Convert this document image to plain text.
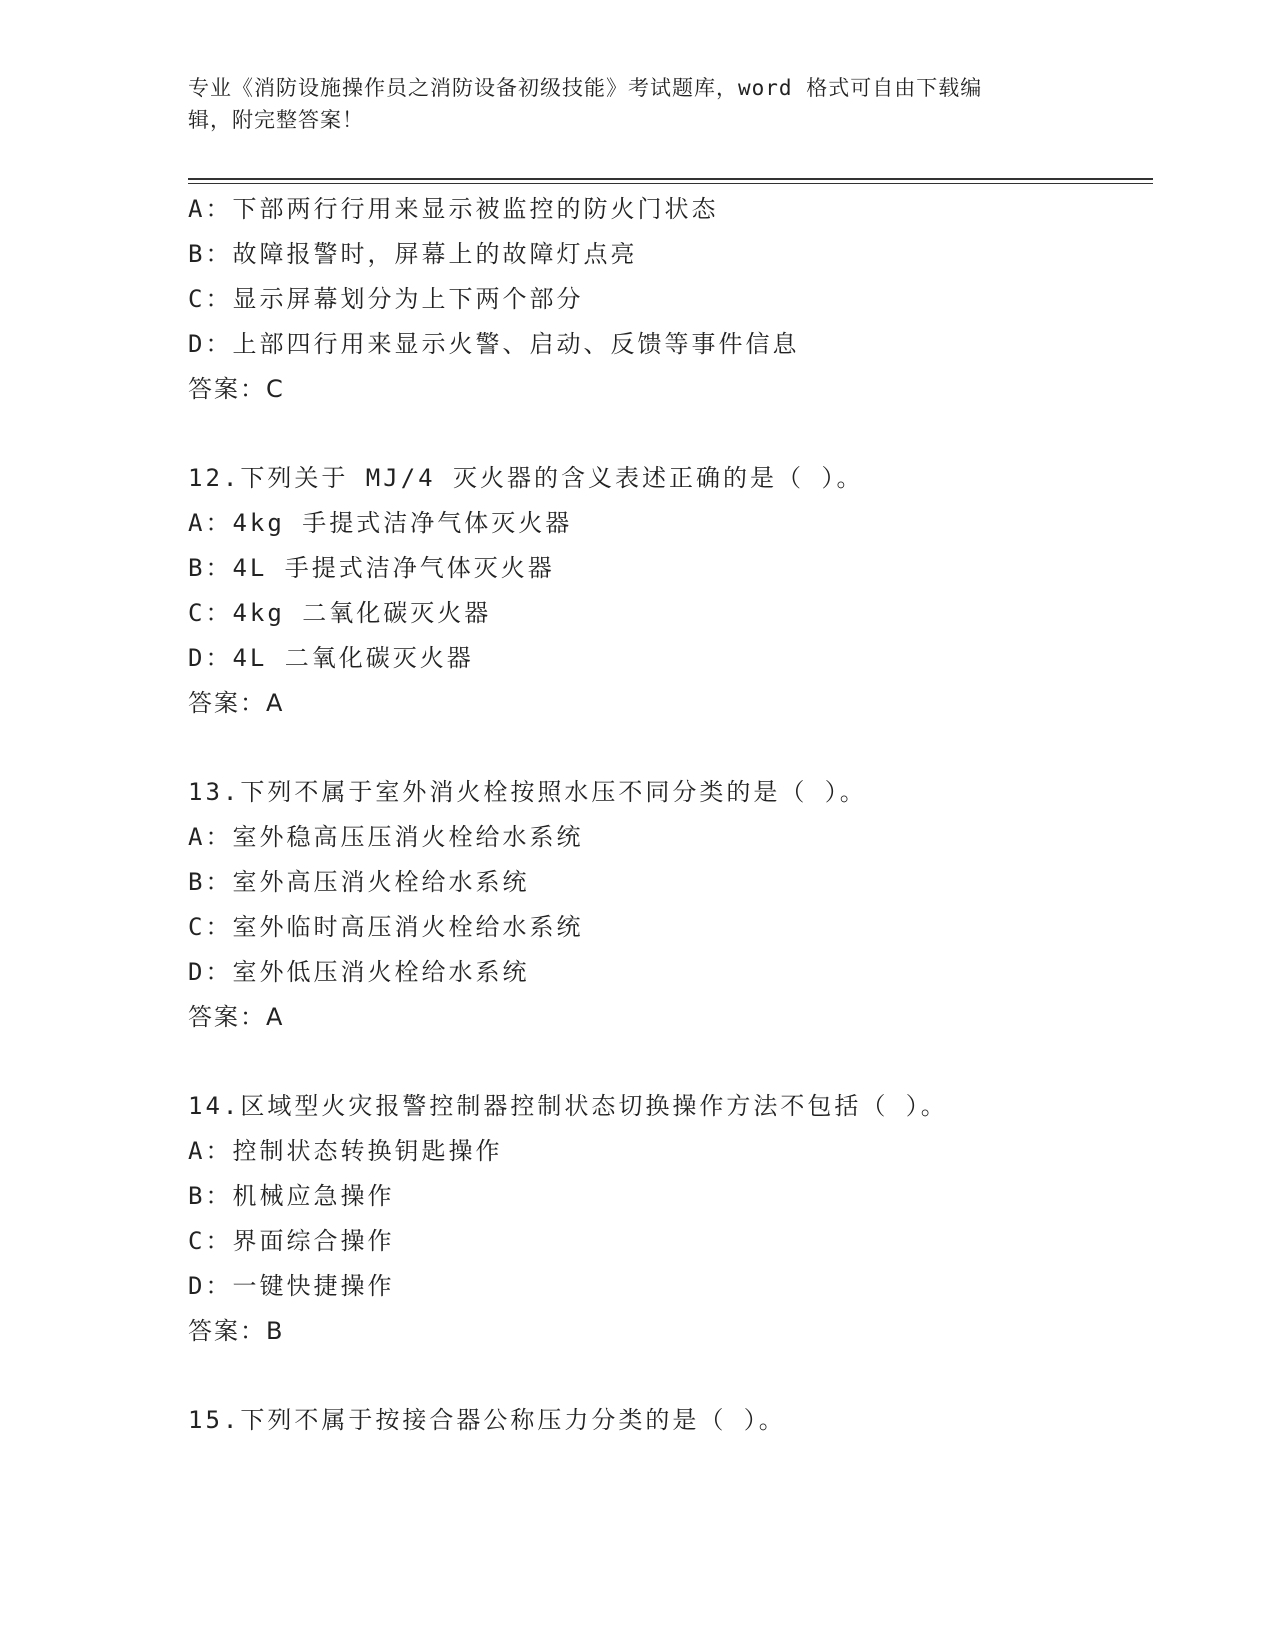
专业《消防设施操作员之消防设备初级技能》考试题库，word 格式可自由下载编
辑，附完整答案！
A：下部两行行用来显示被监控的防火门状态
B：故障报警时，屏幕上的故障灯点亮
C：显示屏幕划分为上下两个部分
D：上部四行用来显示火警、启动、反馈等事件信息
答案：C
12.下列关于 MJ/4 灭火器的含义表述正确的是（ ）。
A：4kg 手提式洁净气体灭火器
B：4L 手提式洁净气体灭火器
C：4kg 二氧化碳灭火器
D：4L 二氧化碳灭火器
答案：A
13.下列不属于室外消火栓按照水压不同分类的是（ ）。
A：室外稳高压压消火栓给水系统
B：室外高压消火栓给水系统
C：室外临时高压消火栓给水系统
D：室外低压消火栓给水系统
答案：A
14.区域型火灾报警控制器控制状态切换操作方法不包括（ ）。
A：控制状态转换钥匙操作
B：机械应急操作
C：界面综合操作
D：一键快捷操作
答案：B
15.下列不属于按接合器公称压力分类的是（ ）。
